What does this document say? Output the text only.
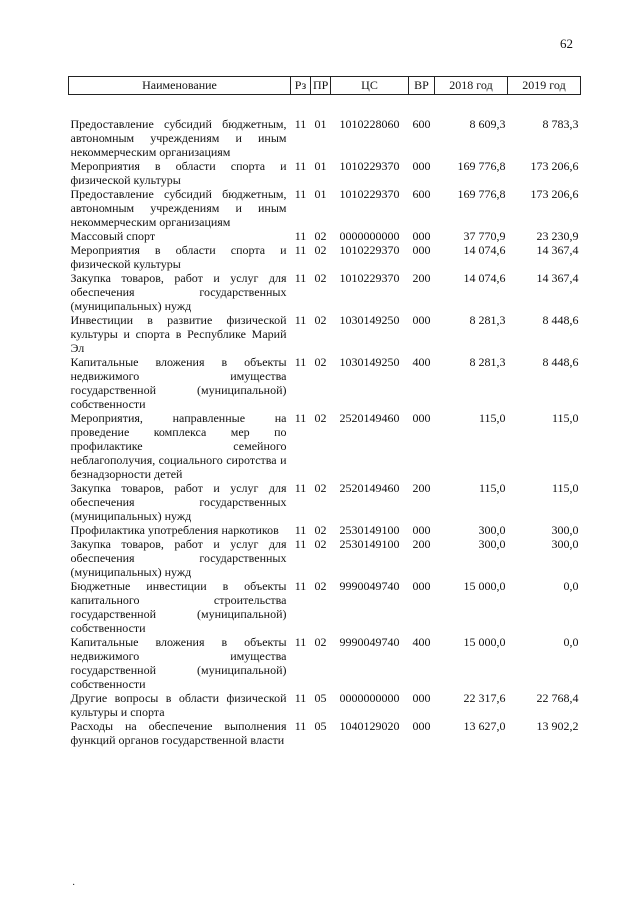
62
Наименование	Рз	ПР	ЦС	ВР	2018 год	2019 год
Предоставление субсидий бюджетным, автономным учреждениям и иным некоммерческим организациям	11	01	1010228060	600	8 609,3	8 783,3
Мероприятия в области спорта и физической культуры	11	01	1010229370	000	169 776,8	173 206,6
Предоставление субсидий бюджетным, автономным учреждениям и иным некоммерческим организациям	11	01	1010229370	600	169 776,8	173 206,6
Массовый спорт	11	02	0000000000	000	37 770,9	23 230,9
Мероприятия в области спорта и физической культуры	11	02	1010229370	000	14 074,6	14 367,4
Закупка товаров, работ и услуг для обеспечения государственных (муниципальных) нужд	11	02	1010229370	200	14 074,6	14 367,4
Инвестиции в развитие физической культуры и спорта в Республике Марий Эл	11	02	1030149250	000	8 281,3	8 448,6
Капитальные вложения в объекты недвижимого имущества государственной (муниципальной) собственности	11	02	1030149250	400	8 281,3	8 448,6
Мероприятия, направленные на проведение комплекса мер по профилактике семейного неблагополучия, социального сиротства и безнадзорности детей	11	02	2520149460	000	115,0	115,0
Закупка товаров, работ и услуг для обеспечения государственных (муниципальных) нужд	11	02	2520149460	200	115,0	115,0
Профилактика употребления наркотиков	11	02	2530149100	000	300,0	300,0
Закупка товаров, работ и услуг для обеспечения государственных (муниципальных) нужд	11	02	2530149100	200	300,0	300,0
Бюджетные инвестиции в объекты капитального строительства государственной (муниципальной) собственности	11	02	9990049740	000	15 000,0	0,0
Капитальные вложения в объекты недвижимого имущества государственной (муниципальной) собственности	11	02	9990049740	400	15 000,0	0,0
Другие вопросы в области физической культуры и спорта	11	05	0000000000	000	22 317,6	22 768,4
Расходы на обеспечение выполнения функций органов государственной власти	11	05	1040129020	000	13 627,0	13 902,2
·
